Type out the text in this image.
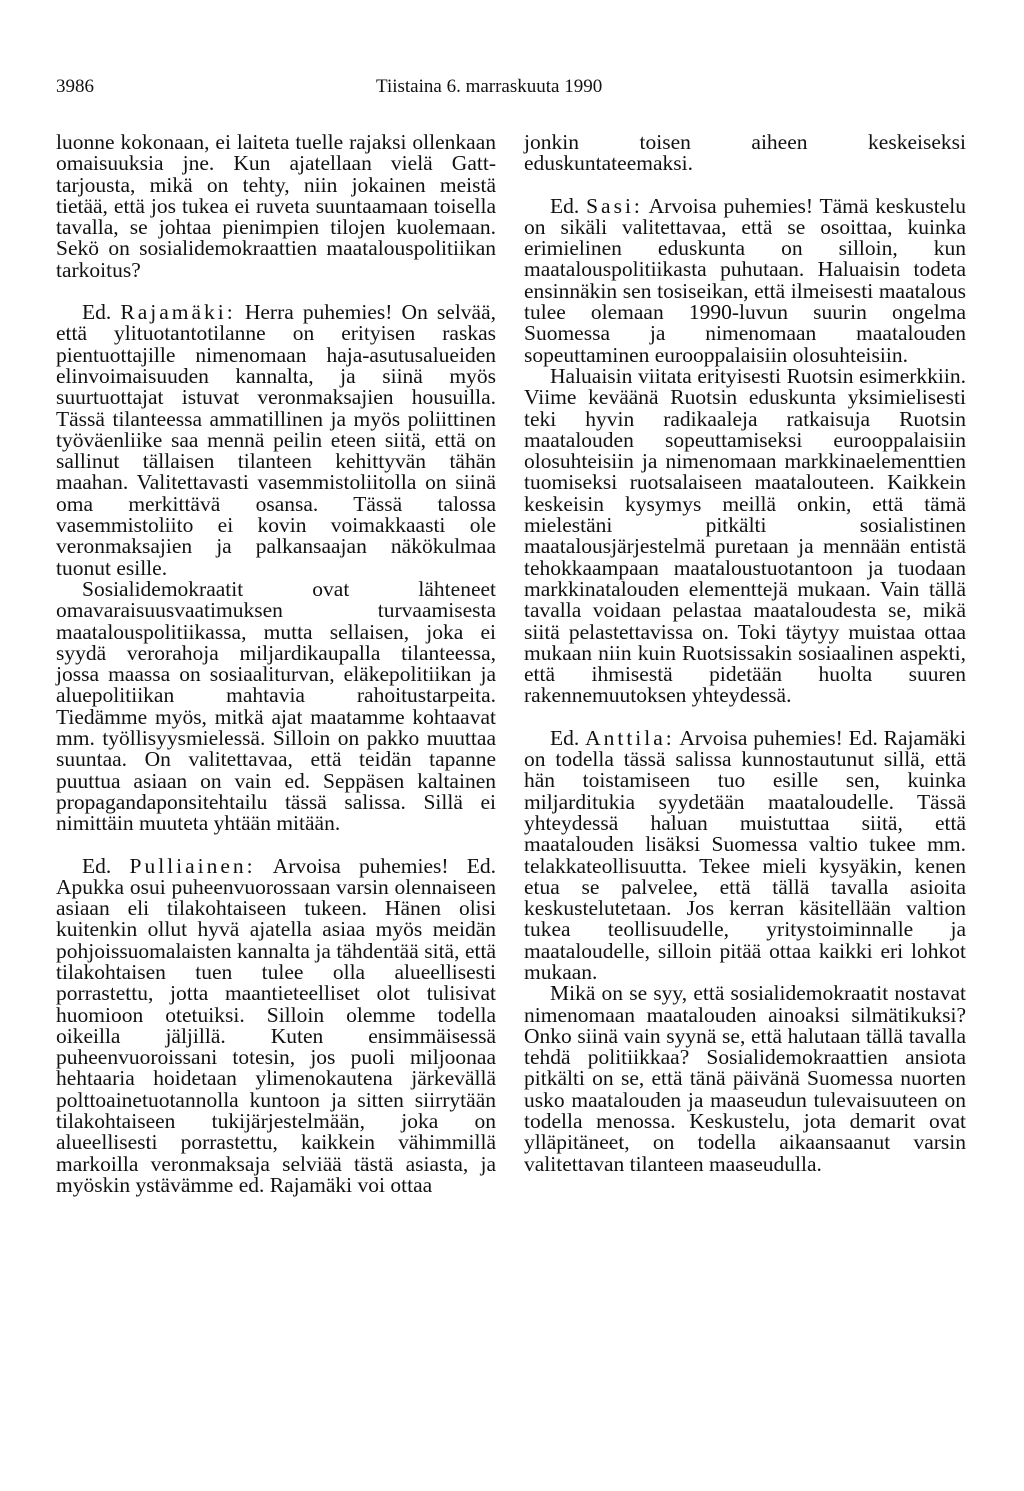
3986	Tiistaina 6. marraskuuta 1990

luonne kokonaan, ei laiteta tuelle rajaksi ollenkaan omaisuuksia jne. Kun ajatellaan vielä Gatt-tarjousta, mikä on tehty, niin jokainen meistä tietää, että jos tukea ei ruveta suuntaamaan toisella tavalla, se johtaa pienimpien tilojen kuolemaan. Sekö on sosialidemokraattien maatalouspolitiikan tarkoitus?

Ed. Rajamäki: Herra puhemies! On selvää, että ylituotantotilanne on erityisen raskas pientuottajille nimenomaan haja-asutusalueiden elinvoimaisuuden kannalta, ja siinä myös suurtuottajat istuvat veronmaksajien housuilla. Tässä tilanteessa ammatillinen ja myös poliittinen työväenliike saa mennä peilin eteen siitä, että on sallinut tällaisen tilanteen kehittyvän tähän maahan. Valitettavasti vasemmistoliitolla on siinä oma merkittävä osansa. Tässä talossa vasemmistoliito ei kovin voimakkaasti ole veronmaksajien ja palkansaajan näkökulmaa tuonut esille.

Sosialidemokraatit ovat lähteneet omavaraisuusvaatimuksen turvaamisesta maatalouspolitiikassa, mutta sellaisen, joka ei syydä verorahoja miljardikaupalla tilanteessa, jossa maassa on sosiaaliturvan, eläkepolitiikan ja aluepolitiikan mahtavia rahoitustarpeita. Tiedämme myös, mitkä ajat maatamme kohtaavat mm. työllisyysmielessä. Silloin on pakko muuttaa suuntaa. On valitettavaa, että teidän tapanne puuttua asiaan on vain ed. Seppäsen kaltainen propagandaponsitehtailu tässä salissa. Sillä ei nimittäin muuteta yhtään mitään.

Ed. Pulliainen: Arvoisa puhemies! Ed. Apukka osui puheenvuorossaan varsin olennaiseen asiaan eli tilakohtaiseen tukeen. Hänen olisi kuitenkin ollut hyvä ajatella asiaa myös meidän pohjoissuomalaisten kannalta ja tähdentää sitä, että tilakohtaisen tuen tulee olla alueellisesti porrastettu, jotta maantieteelliset olot tulisivat huomioon otetuiksi. Silloin olemme todella oikeilla jäljillä. Kuten ensimmäisessä puheenvuoroissani totesin, jos puoli miljoonaa hehtaaria hoidetaan ylimenokautena järkevällä polttoainetuotannolla kuntoon ja sitten siirrytään tilakohtaiseen tukijärjestelmään, joka on alueellisesti porrastettu, kaikkein vähimmillä markoilla veronmaksaja selviää tästä asiasta, ja myöskin ystävämme ed. Rajamäki voi ottaa

jonkin toisen aiheen keskeiseksi eduskuntateemaksi.

Ed. Sasi: Arvoisa puhemies! Tämä keskustelu on sikäli valitettavaa, että se osoittaa, kuinka erimielinen eduskunta on silloin, kun maatalouspolitiikasta puhutaan. Haluaisin todeta ensinnäkin sen tosiseikan, että ilmeisesti maatalous tulee olemaan 1990-luvun suurin ongelma Suomessa ja nimenomaan maatalouden sopeuttaminen eurooppalaisiin olosuhteisiin.

Haluaisin viitata erityisesti Ruotsin esimerkkiin. Viime keväänä Ruotsin eduskunta yksimielisesti teki hyvin radikaaleja ratkaisuja Ruotsin maatalouden sopeuttamiseksi eurooppalaisiin olosuhteisiin ja nimenomaan markkinaelementtien tuomiseksi ruotsalaiseen maatalouteen. Kaikkein keskeisin kysymys meillä onkin, että tämä mielestäni pitkälti sosialistinen maatalousjärjestelmä puretaan ja mennään entistä tehokkaampaan maataloustuotantoon ja tuodaan markkinatalouden elementtejä mukaan. Vain tällä tavalla voidaan pelastaa maataloudesta se, mikä siitä pelastettavissa on. Toki täytyy muistaa ottaa mukaan niin kuin Ruotsissakin sosiaalinen aspekti, että ihmisestä pidetään huolta suuren rakennemuutoksen yhteydessä.

Ed. Anttila: Arvoisa puhemies! Ed. Rajamäki on todella tässä salissa kunnostautunut sillä, että hän toistamiseen tuo esille sen, kuinka miljarditukia syydetään maataloudelle. Tässä yhteydessä haluan muistuttaa siitä, että maatalouden lisäksi Suomessa valtio tukee mm. telakkateollisuutta. Tekee mieli kysyäkin, kenen etua se palvelee, että tällä tavalla asioita keskustelutetaan. Jos kerran käsitellään valtion tukea teollisuudelle, yritystoiminnalle ja maataloudelle, silloin pitää ottaa kaikki eri lohkot mukaan.

Mikä on se syy, että sosialidemokraatit nostavat nimenomaan maatalouden ainoaksi silmätikuksi? Onko siinä vain syynä se, että halutaan tällä tavalla tehdä politiikkaa? Sosialidemokraattien ansiota pitkälti on se, että tänä päivänä Suomessa nuorten usko maatalouden ja maaseudun tulevaisuuteen on todella menossa. Keskustelu, jota demarit ovat ylläpitäneet, on todella aikaansaanut varsin valitettavan tilanteen maaseudulla.
